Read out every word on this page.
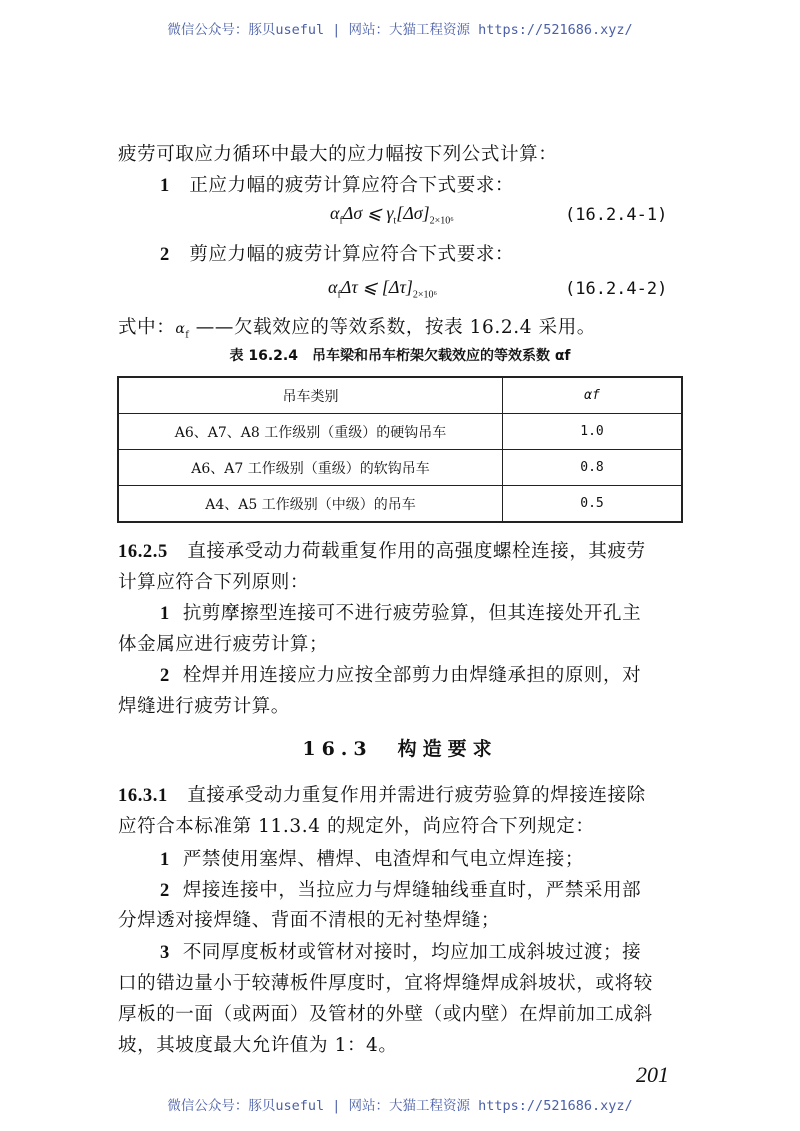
微信公众号：豚贝useful | 网站：大猫工程资源 https://521686.xyz/
疲劳可取应力循环中最大的应力幅按下列公式计算：
1 正应力幅的疲劳计算应符合下式要求：
$\alpha_f\Delta\sigma$ ⩽ $\gamma_t[\Delta\sigma]_{2\times 10^6}$	(16.2.4-1)
2 剪应力幅的疲劳计算应符合下式要求：
$\alpha_f\Delta\tau$ ⩽ $[\Delta\tau]_{2\times 10^6}$	(16.2.4-2)
式中：$\alpha_f$ ——欠载效应的等效系数，按表 16.2.4 采用。
表 16.2.4　吊车梁和吊车桁架欠载效应的等效系数 αf
吊车类别	αf
A6、A7、A8 工作级别（重级）的硬钩吊车	1.0
A6、A7 工作级别（重级）的软钩吊车	0.8
A4、A5 工作级别（中级）的吊车	0.5
16.2.5 直接承受动力荷载重复作用的高强度螺栓连接，其疲劳
计算应符合下列原则：
1 抗剪摩擦型连接可不进行疲劳验算，但其连接处开孔主
体金属应进行疲劳计算；
2 栓焊并用连接应力应按全部剪力由焊缝承担的原则，对
焊缝进行疲劳计算。
16.3　构造要求
16.3.1 直接承受动力重复作用并需进行疲劳验算的焊接连接除
应符合本标准第 11.3.4 的规定外，尚应符合下列规定：
1 严禁使用塞焊、槽焊、电渣焊和气电立焊连接；
2 焊接连接中，当拉应力与焊缝轴线垂直时，严禁采用部
分焊透对接焊缝、背面不清根的无衬垫焊缝；
3 不同厚度板材或管材对接时，均应加工成斜坡过渡；接
口的错边量小于较薄板件厚度时，宜将焊缝焊成斜坡状，或将较
厚板的一面（或两面）及管材的外壁（或内壁）在焊前加工成斜
坡，其坡度最大允许值为 1：4。
201
微信公众号：豚贝useful | 网站：大猫工程资源 https://521686.xyz/
